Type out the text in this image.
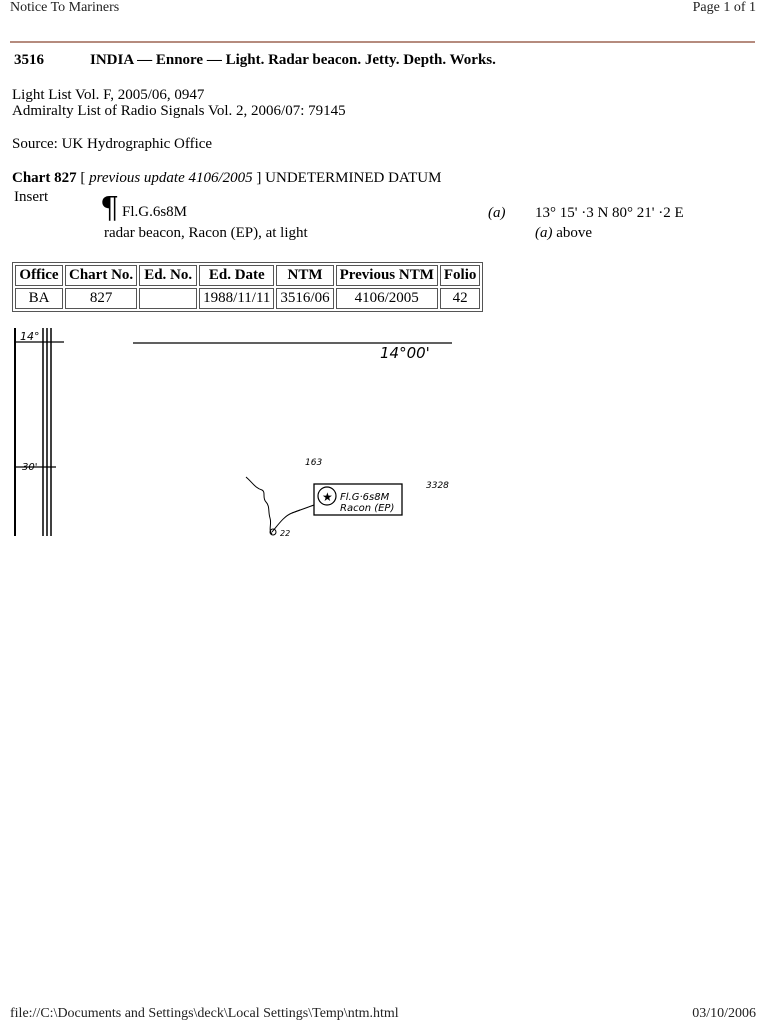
Notice To Mariners	Page 1 of 1
3516	INDIA — Ennore — Light. Radar beacon. Jetty. Depth. Works.
Light List Vol. F, 2005/06, 0947
Admiralty List of Radio Signals Vol. 2, 2006/07: 79145
Source: UK Hydrographic Office
Chart 827 [ previous update 4106/2005 ] UNDETERMINED DATUM
Insert ¶ Fl.G.6s8M	(a) 13° 15' ·3 N 80° 21' ·2 E
radar beacon, Racon (EP), at light	(a) above
Office	Chart No.	Ed. No.	Ed. Date	NTM	Previous NTM	Folio
BA	827		1988/11/11	3516/06	4106/2005	42
14°
30'
14°00'
163
3328
★ Fl.G·6s8M
Racon (EP)
22
file://C:\Documents and Settings\deck\Local Settings\Temp\ntm.html	03/10/2006
